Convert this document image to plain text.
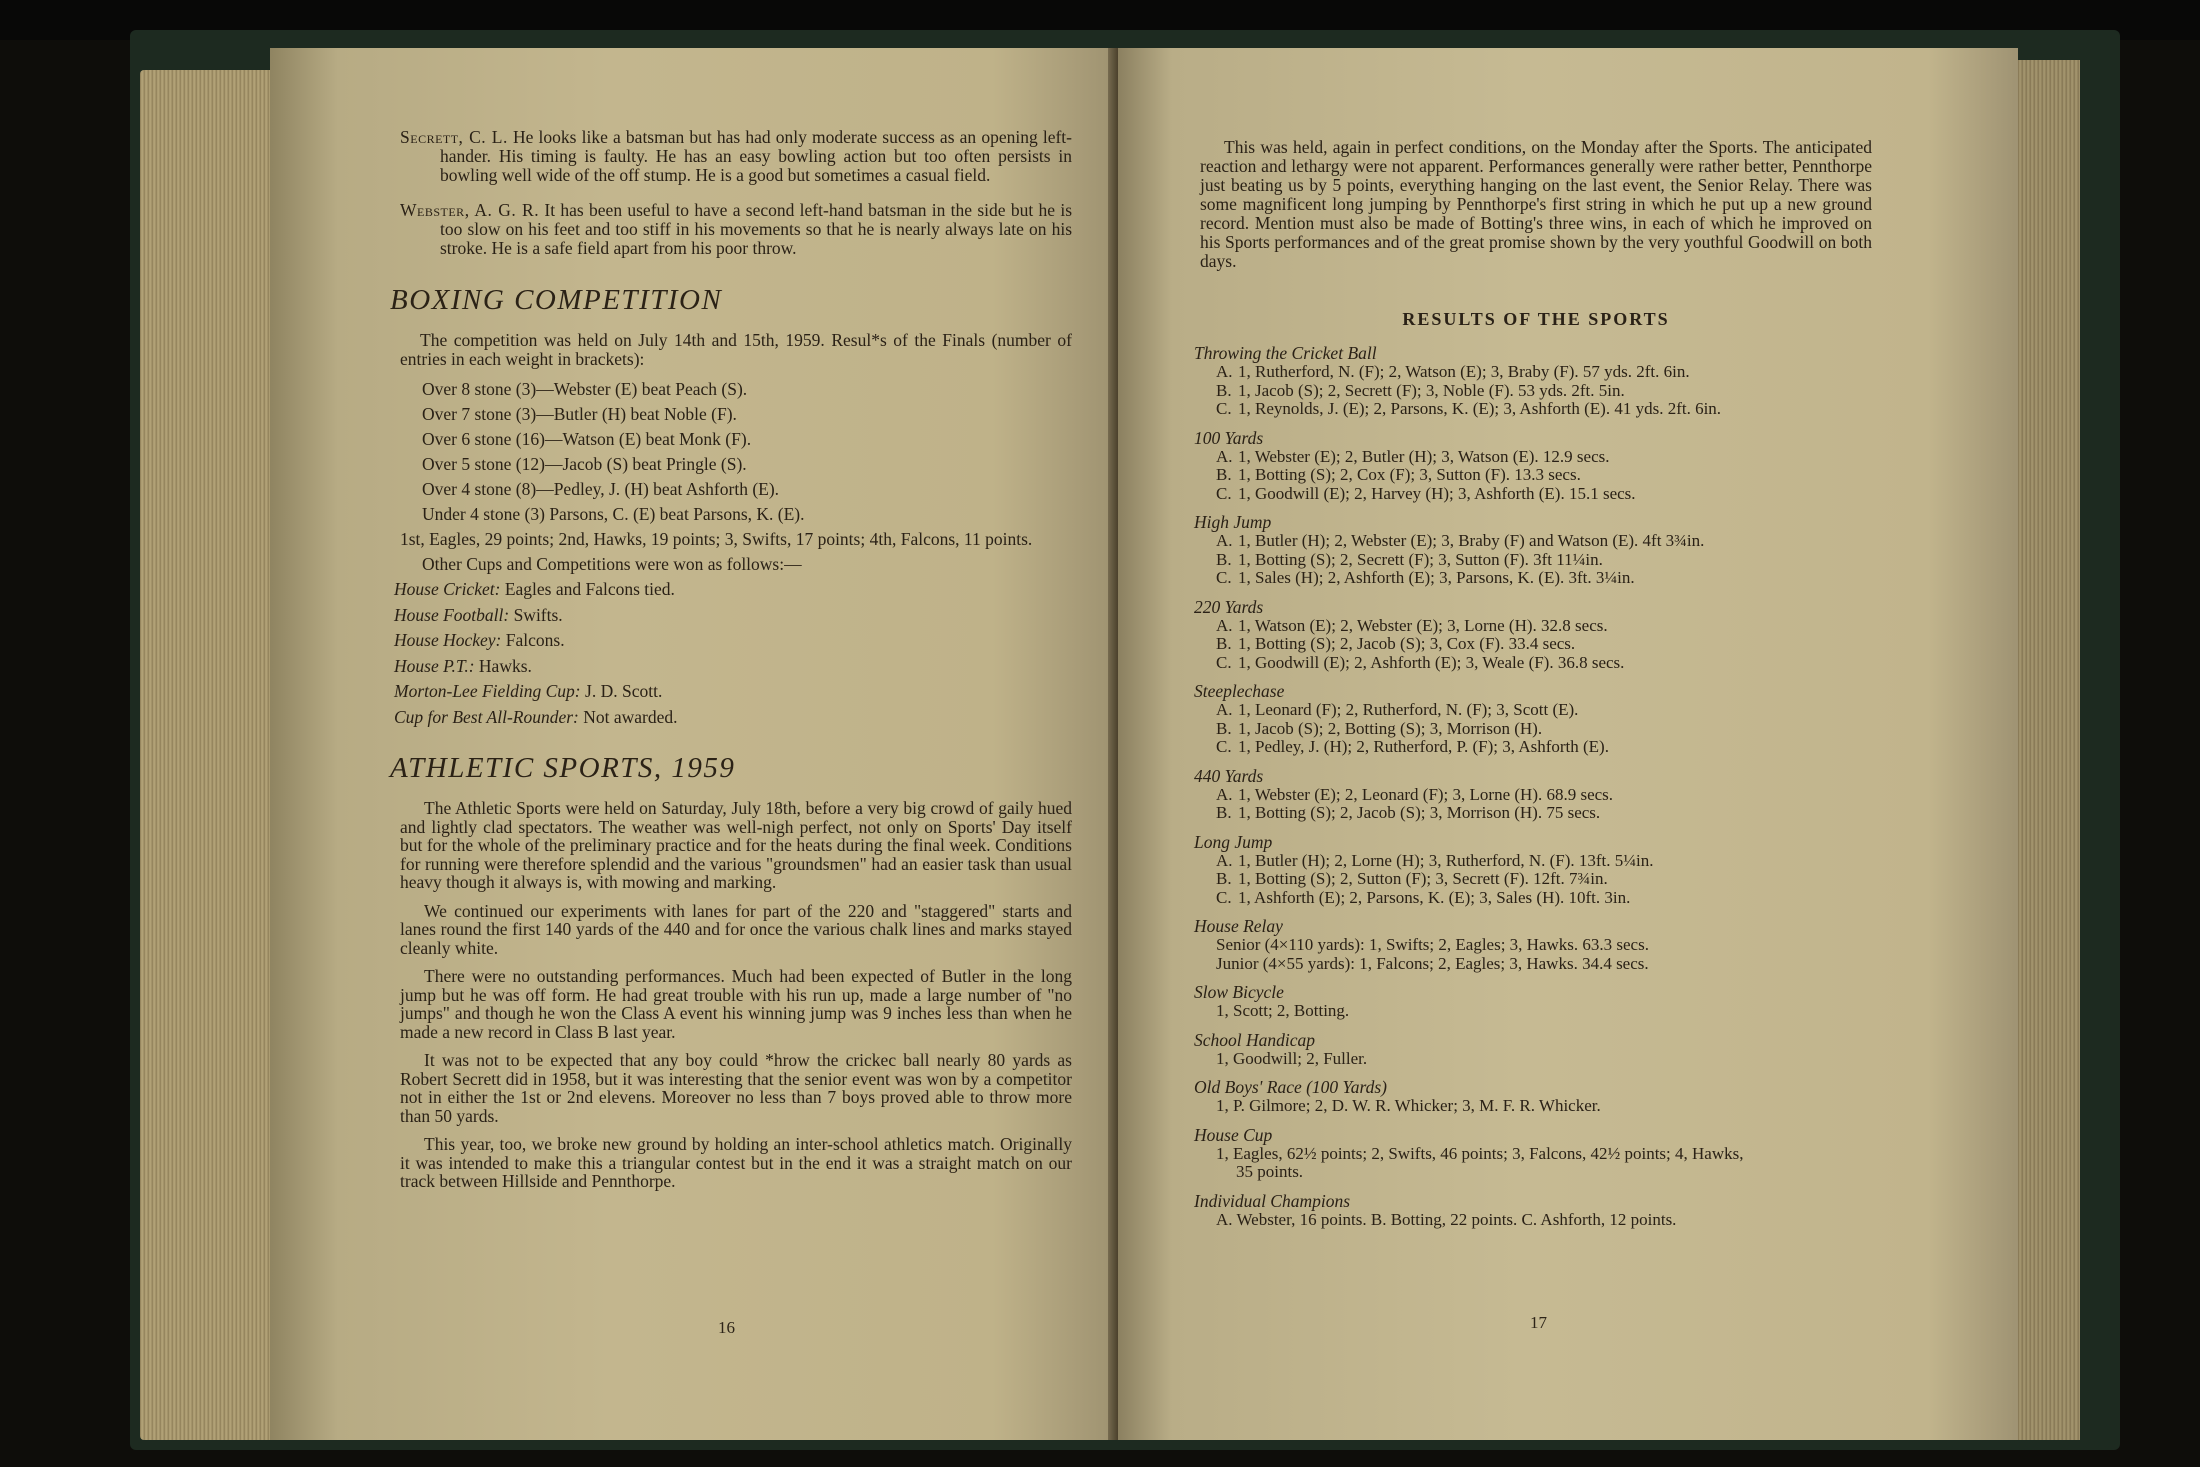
Secrett, C. L. He looks like a batsman but has had only moderate success as an opening left-hander. His timing is faulty. He has an easy bowling action but too often persists in bowling well wide of the off stump. He is a good but sometimes a casual field.

Webster, A. G. R. It has been useful to have a second left-hand batsman in the side but he is too slow on his feet and too stiff in his movements so that he is nearly always late on his stroke. He is a safe field apart from his poor throw.

BOXING COMPETITION

The competition was held on July 14th and 15th, 1959. Resul*s of the Finals (number of entries in each weight in brackets):

Over 8 stone (3)—Webster (E) beat Peach (S).
Over 7 stone (3)—Butler (H) beat Noble (F).
Over 6 stone (16)—Watson (E) beat Monk (F).
Over 5 stone (12)—Jacob (S) beat Pringle (S).
Over 4 stone (8)—Pedley, J. (H) beat Ashforth (E).
Under 4 stone (3) Parsons, C. (E) beat Parsons, K. (E).
1st, Eagles, 29 points; 2nd, Hawks, 19 points; 3, Swifts, 17 points; 4th, Falcons, 11 points.
Other Cups and Competitions were won as follows:—
House Cricket: Eagles and Falcons tied.
House Football: Swifts.
House Hockey: Falcons.
House P.T.: Hawks.
Morton-Lee Fielding Cup: J. D. Scott.
Cup for Best All-Rounder: Not awarded.
ATHLETIC SPORTS, 1959

The Athletic Sports were held on Saturday, July 18th, before a very big crowd of gaily hued and lightly clad spectators. The weather was well-nigh perfect, not only on Sports' Day itself but for the whole of the preliminary practice and for the heats during the final week. Conditions for running were therefore splendid and the various "groundsmen" had an easier task than usual heavy though it always is, with mowing and marking.

We continued our experiments with lanes for part of the 220 and "staggered" starts and lanes round the first 140 yards of the 440 and for once the various chalk lines and marks stayed cleanly white.

There were no outstanding performances. Much had been expected of Butler in the long jump but he was off form. He had great trouble with his run up, made a large number of "no jumps" and though he won the Class A event his winning jump was 9 inches less than when he made a new record in Class B last year.

It was not to be expected that any boy could *hrow the crickec ball nearly 80 yards as Robert Secrett did in 1958, but it was interesting that the senior event was won by a competitor not in either the 1st or 2nd elevens. Moreover no less than 7 boys proved able to throw more than 50 yards.

This year, too, we broke new ground by holding an inter-school athletics match. Originally it was intended to make this a triangular contest but in the end it was a straight match on our track between Hillside and Pennthorpe.

16

This was held, again in perfect conditions, on the Monday after the Sports. The anticipated reaction and lethargy were not apparent. Performances generally were rather better, Pennthorpe just beating us by 5 points, everything hanging on the last event, the Senior Relay. There was some magnificent long jumping by Pennthorpe's first string in which he put up a new ground record. Mention must also be made of Botting's three wins, in each of which he improved on his Sports performances and of the great promise shown by the very youthful Goodwill on both days.

RESULTS OF THE SPORTS
Throwing the Cricket Ball
A. 1, Rutherford, N. (F); 2, Watson (E); 3, Braby (F). 57 yds. 2ft. 6in.
B. 1, Jacob (S); 2, Secrett (F); 3, Noble (F). 53 yds. 2ft. 5in.
C. 1, Reynolds, J. (E); 2, Parsons, K. (E); 3, Ashforth (E). 41 yds. 2ft. 6in.
100 Yards
A. 1, Webster (E); 2, Butler (H); 3, Watson (E). 12.9 secs.
B. 1, Botting (S); 2, Cox (F); 3, Sutton (F). 13.3 secs.
C. 1, Goodwill (E); 2, Harvey (H); 3, Ashforth (E). 15.1 secs.
High Jump
A. 1, Butler (H); 2, Webster (E); 3, Braby (F) and Watson (E). 4ft 3¾in.
B. 1, Botting (S); 2, Secrett (F); 3, Sutton (F). 3ft 11¼in.
C. 1, Sales (H); 2, Ashforth (E); 3, Parsons, K. (E). 3ft. 3¼in.
220 Yards
A. 1, Watson (E); 2, Webster (E); 3, Lorne (H). 32.8 secs.
B. 1, Botting (S); 2, Jacob (S); 3, Cox (F). 33.4 secs.
C. 1, Goodwill (E); 2, Ashforth (E); 3, Weale (F). 36.8 secs.
Steeplechase
A. 1, Leonard (F); 2, Rutherford, N. (F); 3, Scott (E).
B. 1, Jacob (S); 2, Botting (S); 3, Morrison (H).
C. 1, Pedley, J. (H); 2, Rutherford, P. (F); 3, Ashforth (E).
440 Yards
A. 1, Webster (E); 2, Leonard (F); 3, Lorne (H). 68.9 secs.
B. 1, Botting (S); 2, Jacob (S); 3, Morrison (H). 75 secs.
Long Jump
A. 1, Butler (H); 2, Lorne (H); 3, Rutherford, N. (F). 13ft. 5¼in.
B. 1, Botting (S); 2, Sutton (F); 3, Secrett (F). 12ft. 7¾in.
C. 1, Ashforth (E); 2, Parsons, K. (E); 3, Sales (H). 10ft. 3in.
House Relay
Senior (4×110 yards): 1, Swifts; 2, Eagles; 3, Hawks. 63.3 secs.
Junior (4×55 yards): 1, Falcons; 2, Eagles; 3, Hawks. 34.4 secs.
Slow Bicycle
1, Scott; 2, Botting.
School Handicap
1, Goodwill; 2, Fuller.
Old Boys' Race (100 Yards)
1, P. Gilmore; 2, D. W. R. Whicker; 3, M. F. R. Whicker.
House Cup
1, Eagles, 62½ points; 2, Swifts, 46 points; 3, Falcons, 42½ points; 4, Hawks,
35 points.
Individual Champions
A. Webster, 16 points. B. Botting, 22 points. C. Ashforth, 12 points.
17
